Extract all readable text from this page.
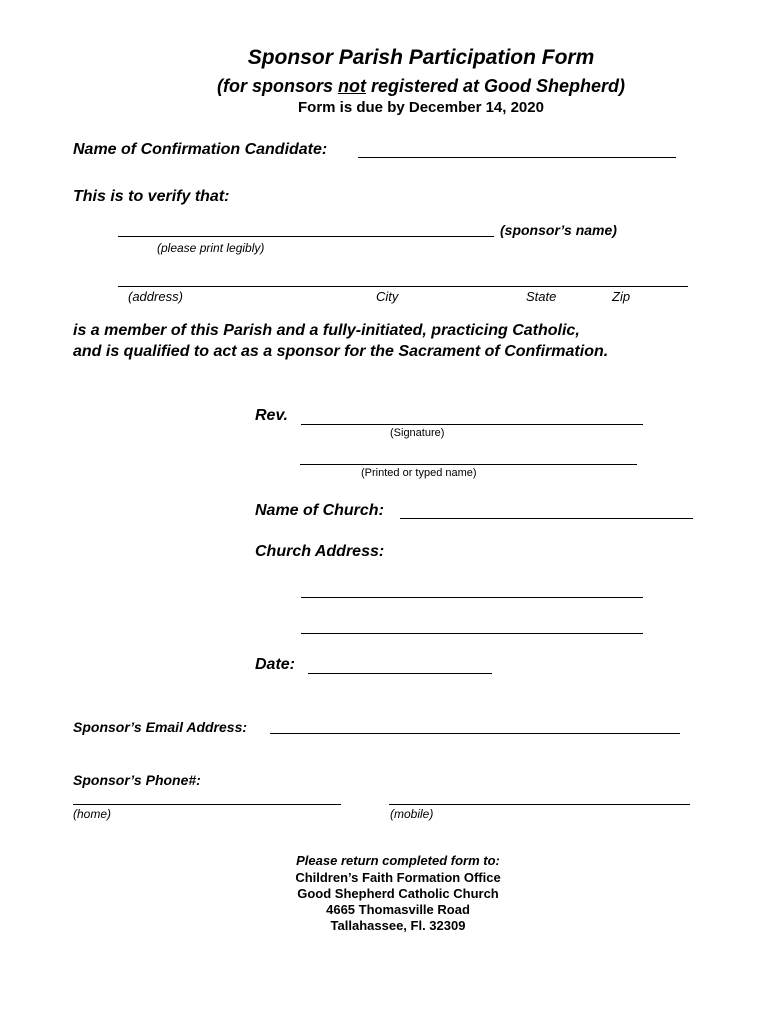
Sponsor Parish Participation Form
(for sponsors not registered at Good Shepherd)
Form is due by December 14, 2020
Name of Confirmation Candidate:
This is to verify that:
(sponsor’s name)
(please print legibly)
(address)	City	State	Zip
is a member of this Parish and a fully-initiated, practicing Catholic,
and is qualified to act as a sponsor for the Sacrament of Confirmation.
Rev.
(Signature)
(Printed or typed name)
Name of Church:
Church Address:
Date:
Sponsor’s Email Address:
Sponsor’s Phone#:
(home)	(mobile)
Please return completed form to:
Children’s Faith Formation Office
Good Shepherd Catholic Church
4665 Thomasville Road
Tallahassee, Fl. 32309
